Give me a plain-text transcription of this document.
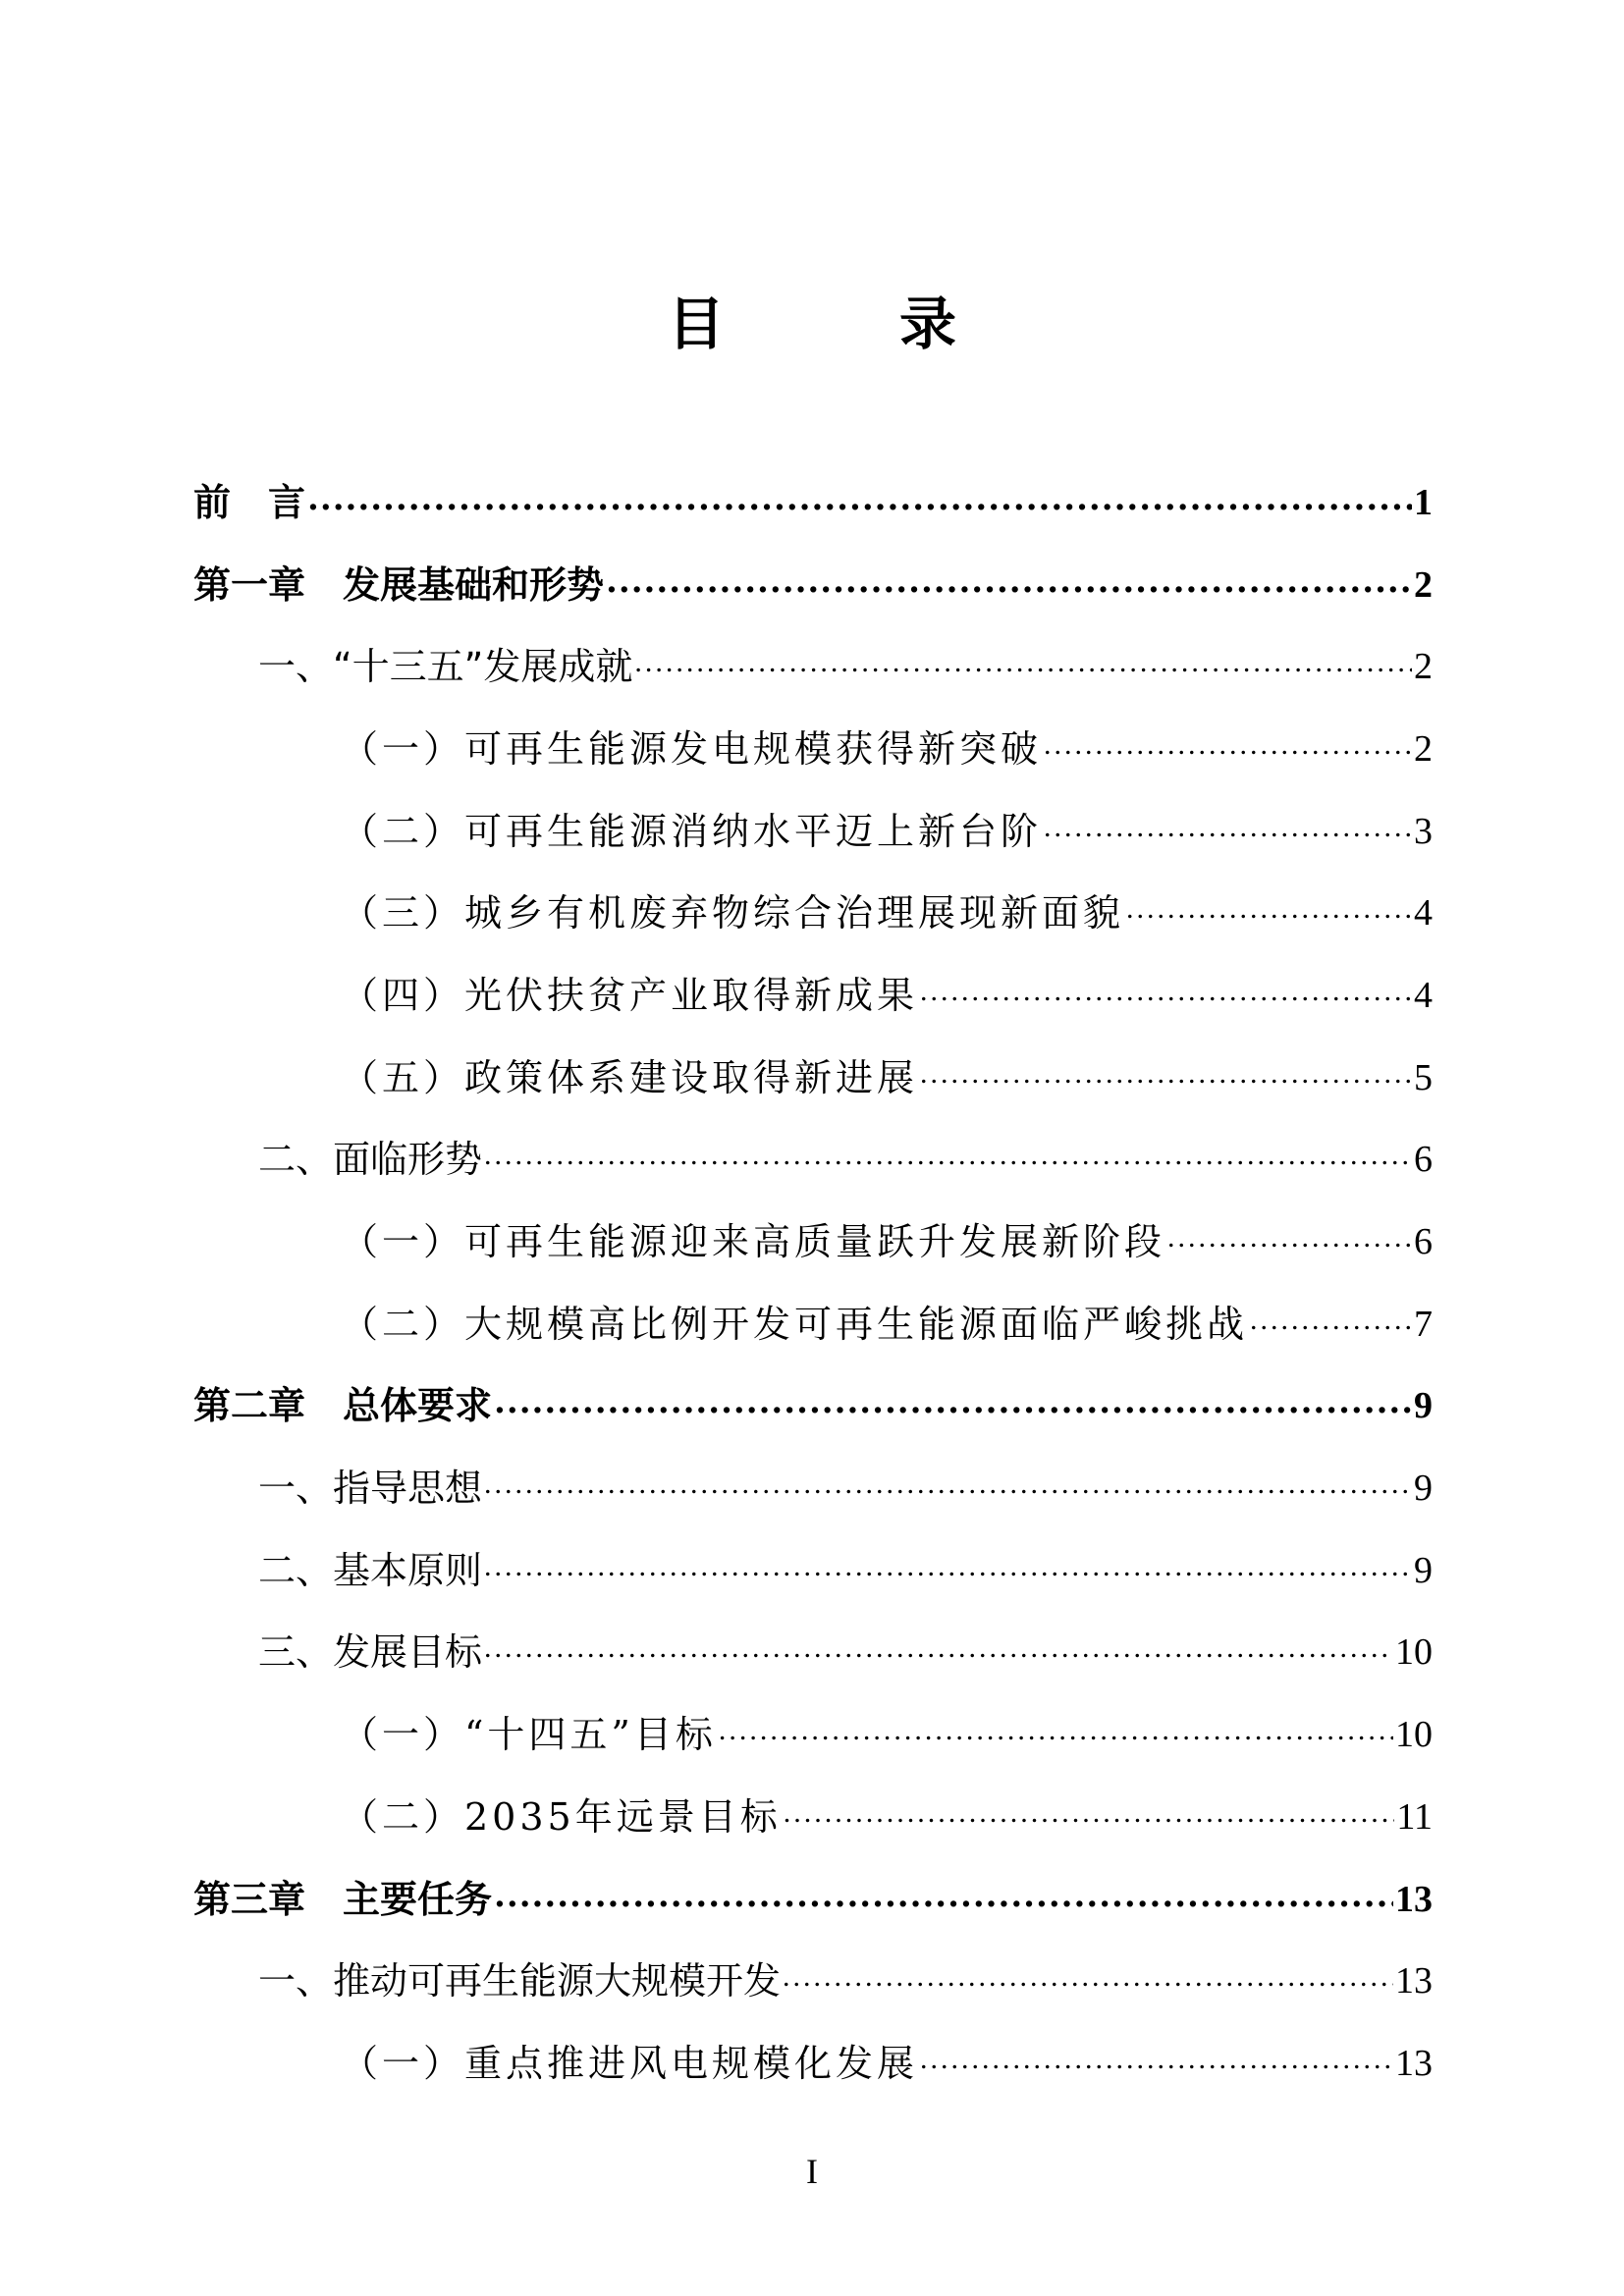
目　录
前　言 .....	1
第一章　发展基础和形势 .....	2
一、“十三五”发展成就 .....	2
（一）可再生能源发电规模获得新突破 .....	2
（二）可再生能源消纳水平迈上新台阶 .....	3
（三）城乡有机废弃物综合治理展现新面貌 .....	4
（四）光伏扶贫产业取得新成果 .....	4
（五）政策体系建设取得新进展 .....	5
二、面临形势 .....	6
（一）可再生能源迎来高质量跃升发展新阶段 .....	6
（二）大规模高比例开发可再生能源面临严峻挑战 .....	7
第二章　总体要求 .....	9
一、指导思想 .....	9
二、基本原则 .....	9
三、发展目标 .....	10
（一）“十四五”目标 .....	10
（二）2035年远景目标 .....	11
第三章　主要任务 .....	13
一、推动可再生能源大规模开发 .....	13
（一）重点推进风电规模化发展 .....	13
I
